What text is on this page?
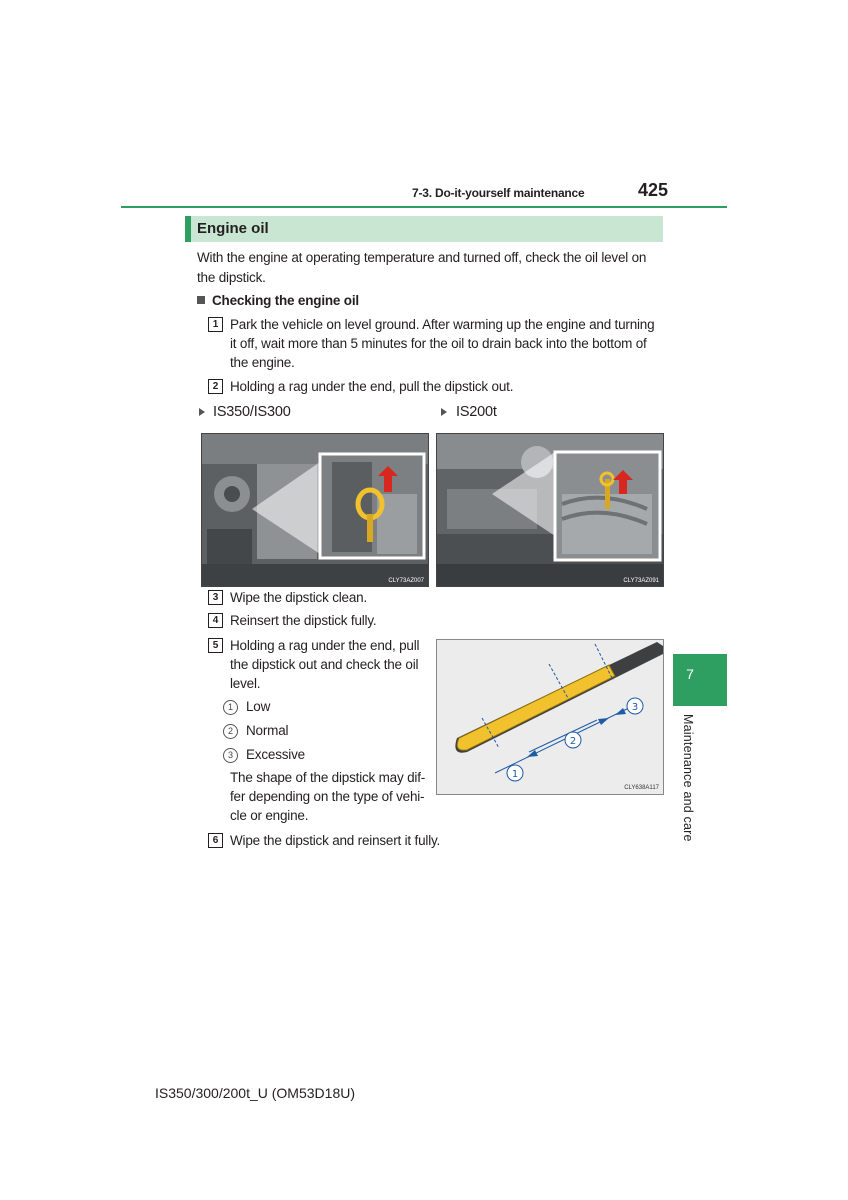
7-3. Do-it-yourself maintenance	425
Engine oil
With the engine at operating temperature and turned off, check the oil level on
the dipstick.
Checking the engine oil
1 Park the vehicle on level ground. After warming up the engine and turning
it off, wait more than 5 minutes for the oil to drain back into the bottom of
the engine.
2 Holding a rag under the end, pull the dipstick out.
IS350/IS300	IS200t
CLY73AZ007	CLY73AZ091
3 Wipe the dipstick clean.
4 Reinsert the dipstick fully.
5 Holding a rag under the end, pull
the dipstick out and check the oil
level.
1 Low
2 Normal
3 Excessive
The shape of the dipstick may dif-
fer depending on the type of vehi-
cle or engine.
6 Wipe the dipstick and reinsert it fully.
1
2
3
CLY638A117
7
Maintenance and care
IS350/300/200t_U (OM53D18U)
